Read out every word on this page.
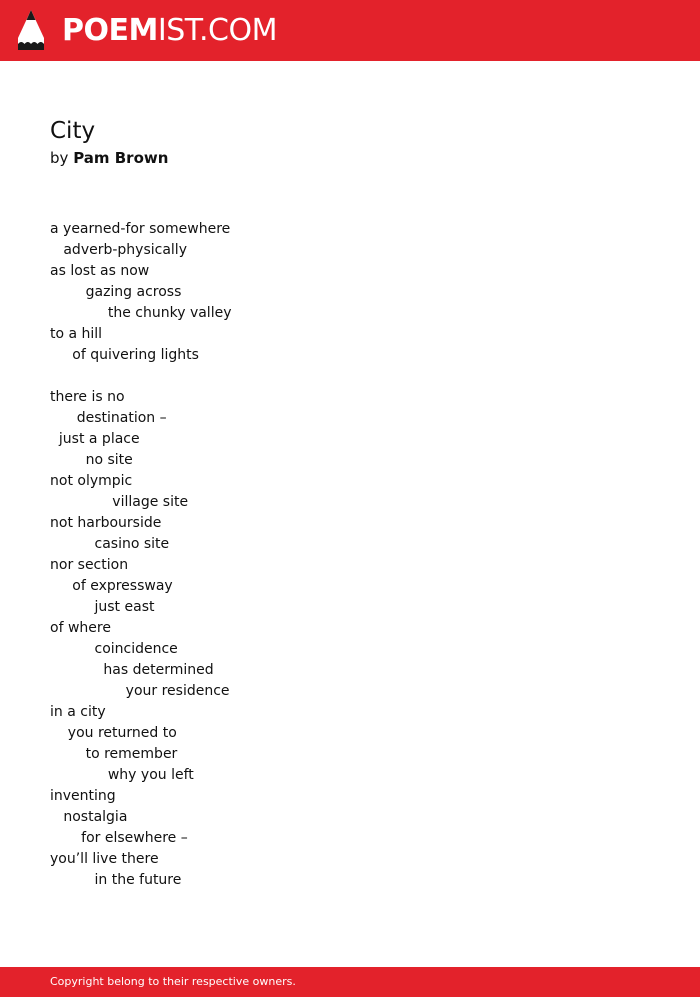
POEMIST.COM
City

by Pam Brown

a yearned-for somewhere
adverb-physically
as lost as now
gazing across
the chunky valley
to a hill
of quivering lights
there is no
destination –
just a place
no site
not olympic
village site
not harbourside
casino site
nor section
of expressway
just east
of where
coincidence
has determined
your residence
in a city
you returned to
to remember
why you left
inventing
nostalgia
for elsewhere –
you’ll live there
in the future
Copyright belong to their respective owners.
